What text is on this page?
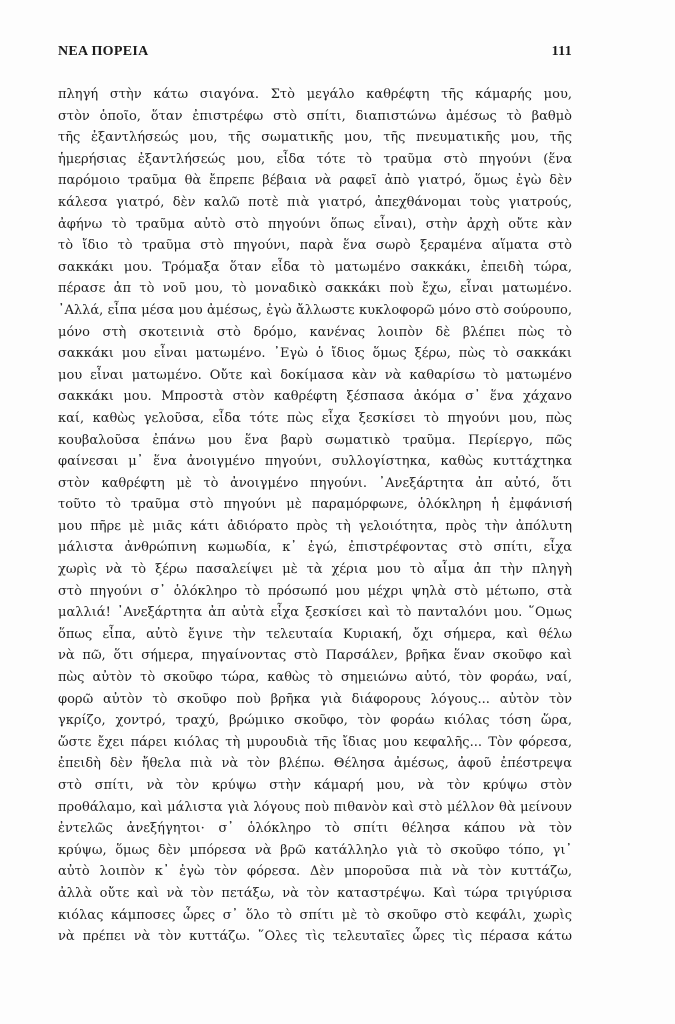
ΝΕΑ ΠΟΡΕΙΑ	111
πληγή στὴν κάτω σιαγόνα. Στὸ μεγάλο καθρέφτη τῆς κάμαρής μου,
στὸν ὁποῖο, ὅταν ἐπιστρέφω στὸ σπίτι, διαπιστώνω ἀμέσως τὸ βαθμὸ
τῆς ἐξαντλήσεώς μου, τῆς σωματικῆς μου, τῆς πνευματικῆς μου, τῆς
ἡμερήσιας ἐξαντλήσεώς μου, εἶδα τότε τὸ τραῦμα στὸ πηγούνι (ἕνα
παρόμοιο τραῦμα θὰ ἔπρεπε βέβαια νὰ ραφεῖ ἀπὸ γιατρό, ὅμως ἐγὼ δὲν
κάλεσα γιατρό, δὲν καλῶ ποτὲ πιὰ γιατρό, ἀπεχθάνομαι τοὺς γιατρούς,
ἀφήνω τὸ τραῦμα αὐτὸ στὸ πηγούνι ὅπως εἶναι), στὴν ἀρχὴ οὔτε κὰν
τὸ ἴδιο τὸ τραῦμα στὸ πηγούνι, παρὰ ἕνα σωρὸ ξεραμένα αἵματα στὸ
σακκάκι μου. Τρόμαξα ὅταν εἶδα τὸ ματωμένο σακκάκι, ἐπειδὴ τώρα,
πέρασε ἀπ τὸ νοῦ μου, τὸ μοναδικὸ σακκάκι ποὺ ἔχω, εἶναι ματωμένο.
᾿Αλλά, εἶπα μέσα μου ἀμέσως, ἐγὼ ἄλλωστε κυκλοφορῶ μόνο στὸ σούρουπο,
μόνο στὴ σκοτεινιὰ στὸ δρόμο, κανένας λοιπὸν δὲ βλέπει πὼς τὸ
σακκάκι μου εἶναι ματωμένο. ᾿Εγὼ ὁ ἴδιος ὅμως ξέρω, πὼς τὸ σακκάκι
μου εἶναι ματωμένο. Οὔτε καὶ δοκίμασα κὰν νὰ καθαρίσω τὸ ματωμένο
σακκάκι μου. Μπροστὰ στὸν καθρέφτη ξέσπασα ἀκόμα σ᾿ ἕνα χάχανο
καί, καθὼς γελοῦσα, εἶδα τότε πὼς εἶχα ξεσκίσει τὸ πηγούνι μου, πὼς
κουβαλοῦσα ἐπάνω μου ἕνα βαρὺ σωματικὸ τραῦμα. Περίεργο, πῶς
φαίνεσαι μ᾿ ἕνα ἀνοιγμένο πηγούνι, συλλογίστηκα, καθὼς κυττάχτηκα
στὸν καθρέφτη μὲ τὸ ἀνοιγμένο πηγούνι. ᾿Ανεξάρτητα ἀπ αὐτό, ὅτι
τοῦτο τὸ τραῦμα στὸ πηγούνι μὲ παραμόρφωνε, ὁλόκληρη ἡ ἐμφάνισή
μου πῆρε μὲ μιᾶς κάτι ἀδιόρατο πρὸς τὴ γελοιότητα, πρὸς τὴν ἀπόλυτη
μάλιστα ἀνθρώπινη κωμωδία, κ᾿ ἐγώ, ἐπιστρέφοντας στὸ σπίτι, εἶχα
χωρὶς νὰ τὸ ξέρω πασαλείψει μὲ τὰ χέρια μου τὸ αἷμα ἀπ τὴν πληγὴ
στὸ πηγούνι σ᾿ ὁλόκληρο τὸ πρόσωπό μου μέχρι ψηλὰ στὸ μέτωπο, στὰ
μαλλιά! ᾿Ανεξάρτητα ἀπ αὐτὰ εἶχα ξεσκίσει καὶ τὸ πανταλόνι μου. ῞Ομως
ὅπως εἶπα, αὐτὸ ἔγινε τὴν τελευταία Κυριακή, ὄχι σήμερα, καὶ θέλω
νὰ πῶ, ὅτι σήμερα, πηγαίνοντας στὸ Παρσάλεν, βρῆκα ἕναν σκοῦφο καὶ
πὼς αὐτὸν τὸ σκοῦφο τώρα, καθὼς τὸ σημειώνω αὐτό, τὸν φοράω, ναί,
φορῶ αὐτὸν τὸ σκοῦφο ποὺ βρῆκα γιὰ διάφορους λόγους... αὐτὸν τὸν
γκρίζο, χοντρό, τραχύ, βρώμικο σκοῦφο, τὸν φοράω κιόλας τόση ὥρα,
ὥστε ἔχει πάρει κιόλας τὴ μυρουδιὰ τῆς ἴδιας μου κεφαλῆς... Τὸν φόρεσα,
ἐπειδὴ δὲν ἤθελα πιὰ νὰ τὸν βλέπω. Θέλησα ἀμέσως, ἀφοῦ ἐπέστρεψα
στὸ σπίτι, νὰ τὸν κρύψω στὴν κάμαρή μου, νὰ τὸν κρύψω στὸν
προθάλαμο, καὶ μάλιστα γιὰ λόγους ποὺ πιθανὸν καὶ στὸ μέλλον θὰ μείνουν
ἐντελῶς ἀνεξήγητοι· σ᾿ ὁλόκληρο τὸ σπίτι θέλησα κάπου νὰ τὸν
κρύψω, ὅμως δὲν μπόρεσα νὰ βρῶ κατάλληλο γιὰ τὸ σκοῦφο τόπο, γι᾿
αὐτὸ λοιπὸν κ᾿ ἐγὼ τὸν φόρεσα. Δὲν μποροῦσα πιὰ νὰ τὸν κυττάζω,
ἀλλὰ οὔτε καὶ νὰ τὸν πετάξω, νὰ τὸν καταστρέψω. Καὶ τώρα τριγύρισα
κιόλας κάμποσες ὧρες σ᾿ ὅλο τὸ σπίτι μὲ τὸ σκοῦφο στὸ κεφάλι, χωρὶς
νὰ πρέπει νὰ τὸν κυττάζω. ῞Ολες τὶς τελευταῖες ὧρες τὶς πέρασα κάτω
